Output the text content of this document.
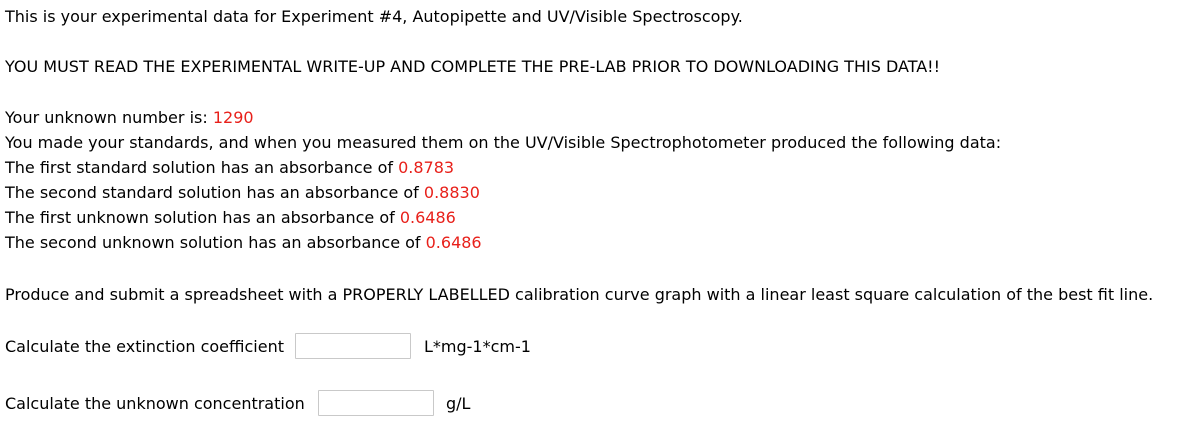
This is your experimental data for Experiment #4, Autopipette and UV/Visible Spectroscopy.
YOU MUST READ THE EXPERIMENTAL WRITE-UP AND COMPLETE THE PRE-LAB PRIOR TO DOWNLOADING THIS DATA!!
Your unknown number is: 1290
You made your standards, and when you measured them on the UV/Visible Spectrophotometer produced the following data:
The first standard solution has an absorbance of 0.8783
The second standard solution has an absorbance of 0.8830
The first unknown solution has an absorbance of 0.6486
The second unknown solution has an absorbance of 0.6486
Produce and submit a spreadsheet with a PROPERLY LABELLED calibration curve graph with a linear least square calculation of the best fit line.
Calculate the extinction coefficient	L*mg-1*cm-1
Calculate the unknown concentration	g/L
